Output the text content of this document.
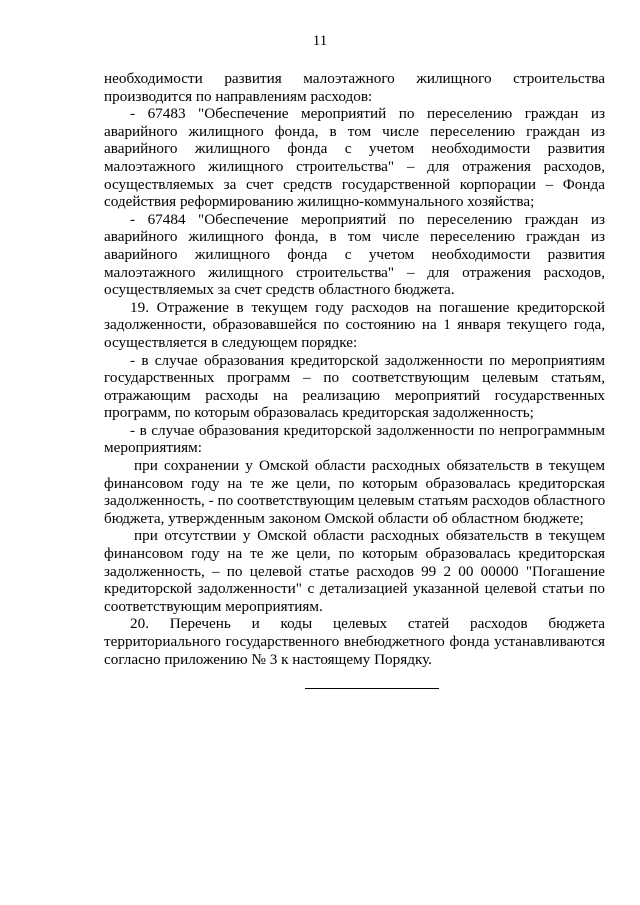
11
необходимости развития малоэтажного жилищного строительства
производится по направлениям расходов:
- 67483 "Обеспечение мероприятий по переселению граждан из
аварийного жилищного фонда, в том числе переселению граждан из
аварийного жилищного фонда с учетом необходимости развития
малоэтажного жилищного строительства" – для отражения расходов,
осуществляемых за счет средств государственной корпорации – Фонда
содействия реформированию жилищно-коммунального хозяйства;
- 67484 "Обеспечение мероприятий по переселению граждан из
аварийного жилищного фонда, в том числе переселению граждан из
аварийного жилищного фонда с учетом необходимости развития
малоэтажного жилищного строительства" – для отражения расходов,
осуществляемых за счет средств областного бюджета.
19. Отражение в текущем году расходов на погашение кредиторской
задолженности, образовавшейся по состоянию на 1 января текущего года,
осуществляется в следующем порядке:
- в случае образования кредиторской задолженности по мероприятиям
государственных программ – по соответствующим целевым статьям,
отражающим расходы на реализацию мероприятий государственных
программ, по которым образовалась кредиторская задолженность;
- в случае образования кредиторской задолженности по непрограммным
мероприятиям:
при сохранении у Омской области расходных обязательств в текущем
финансовом году на те же цели, по которым образовалась кредиторская
задолженность, - по соответствующим целевым статьям расходов областного
бюджета, утвержденным законом Омской области об областном бюджете;
при отсутствии у Омской области расходных обязательств в текущем
финансовом году на те же цели, по которым образовалась кредиторская
задолженность, – по целевой статье расходов 99 2 00 00000 "Погашение
кредиторской задолженности" с детализацией указанной целевой статьи по
соответствующим мероприятиям.
20. Перечень и коды целевых статей расходов бюджета
территориального государственного внебюджетного фонда устанавливаются
согласно приложению № 3 к настоящему Порядку.
